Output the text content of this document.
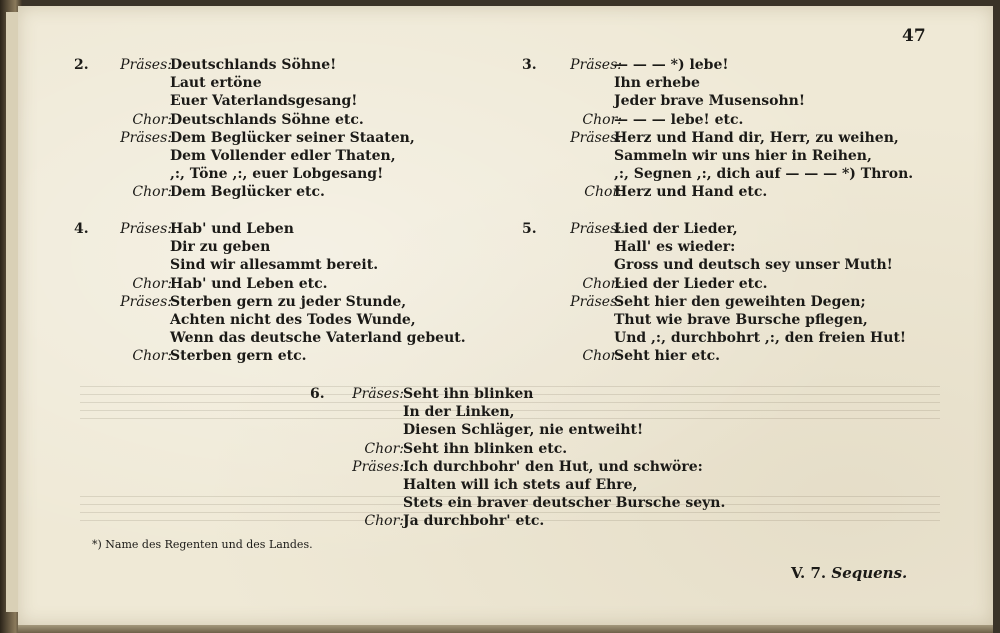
47
2.	Präses:
Deutschlands Söhne!
Laut ertöne
Euer Vaterlandsgesang!
Chor:
Deutschlands Söhne etc.
Präses:
Dem Beglücker seiner Staaten,
Dem Vollender edler Thaten,
,:, Töne ,:, euer Lobgesang!
Chor:
Dem Beglücker etc.
3.	Präses:
— — — *) lebe!
Ihn erhebe
Jeder brave Musensohn!
Chor:
— — — lebe! etc.
Präses:
Herz und Hand dir, Herr, zu weihen,
Sammeln wir uns hier in Reihen,
,:, Segnen ,:, dich auf — — — *) Thron.
Chor.
Herz und Hand etc.
4.	Präses:
Hab' und Leben
Dir zu geben
Sind wir allesammt bereit.
Chor:
Hab' und Leben etc.
Präses:
Sterben gern zu jeder Stunde,
Achten nicht des Todes Wunde,
Wenn das deutsche Vaterland gebeut.
Chor:
Sterben gern etc.
5.	Präses:
Lied der Lieder,
Hall' es wieder:
Gross und deutsch sey unser Muth!
Chor:
Lied der Lieder etc.
Präses:
Seht hier den geweihten Degen;
Thut wie brave Bursche pflegen,
Und ,:, durchbohrt ,:, den freien Hut!
Chor:
Seht hier etc.
6.	Präses: Seht ihn blinken
In der Linken,
Diesen Schläger, nie entweiht!
Chor: Seht ihn blinken etc.
Präses: Ich durchbohr' den Hut, und schwöre:
Halten will ich stets auf Ehre,
Stets ein braver deutscher Bursche seyn.
Chor: Ja durchbohr' etc.
*) Name des Regenten und des Landes.
V. 7. Sequens.
